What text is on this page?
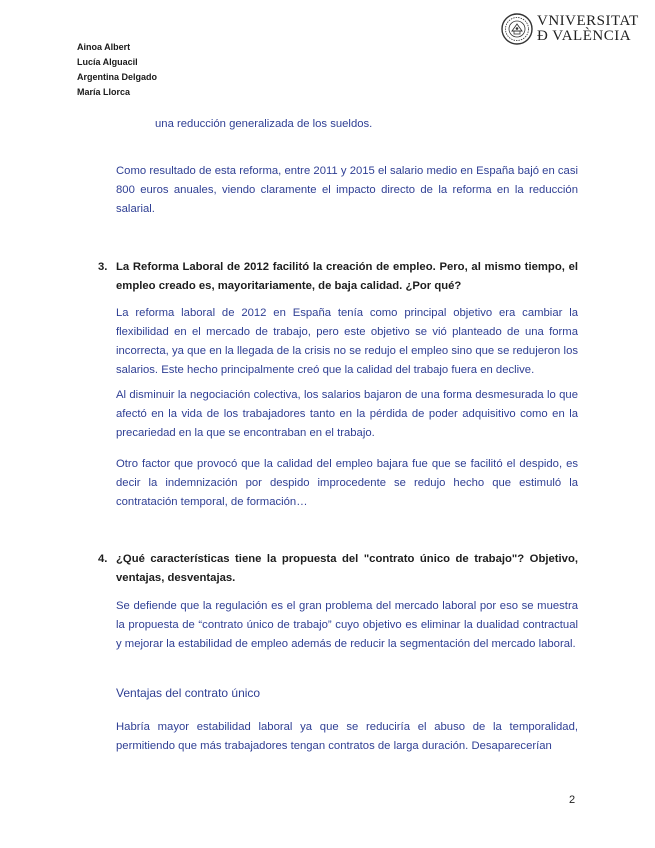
Ainoa Albert
Lucía Alguacil
Argentina Delgado
María Llorca
VNIVERSITAT
Đ VALÈNCIA
una reducción generalizada de los sueldos.
Como resultado de esta reforma, entre 2011 y 2015 el salario medio en España bajó en casi 800 euros anuales, viendo claramente el impacto directo de la reforma en la reducción salarial.
3. La Reforma Laboral de 2012 facilitó la creación de empleo. Pero, al mismo tiempo, el empleo creado es, mayoritariamente, de baja calidad. ¿Por qué?
La reforma laboral de 2012 en España tenía como principal objetivo era cambiar la flexibilidad en el mercado de trabajo, pero este objetivo se vió planteado de una forma incorrecta, ya que en la llegada de la crisis no se redujo el empleo sino que se redujeron los salarios. Este hecho principalmente creó que la calidad del trabajo fuera en declive.
Al disminuir la negociación colectiva, los salarios bajaron de una forma desmesurada lo que afectó en la vida de los trabajadores tanto en la pérdida de poder adquisitivo como en la precariedad en la que se encontraban en el trabajo.
Otro factor que provocó que la calidad del empleo bajara fue que se facilitó el despido, es decir la indemnización por despido improcedente se redujo hecho que estimuló la contratación temporal, de formación…
4. ¿Qué características tiene la propuesta del "contrato único de trabajo"? Objetivo, ventajas, desventajas.
Se defiende que la regulación es el gran problema del mercado laboral por eso se muestra la propuesta de “contrato único de trabajo” cuyo objetivo es eliminar la dualidad contractual y mejorar la estabilidad de empleo además de reducir la segmentación del mercado laboral.
Ventajas del contrato único
Habría mayor estabilidad laboral ya que se reduciría el abuso de la temporalidad, permitiendo que más trabajadores tengan contratos de larga duración. Desaparecerían
2
